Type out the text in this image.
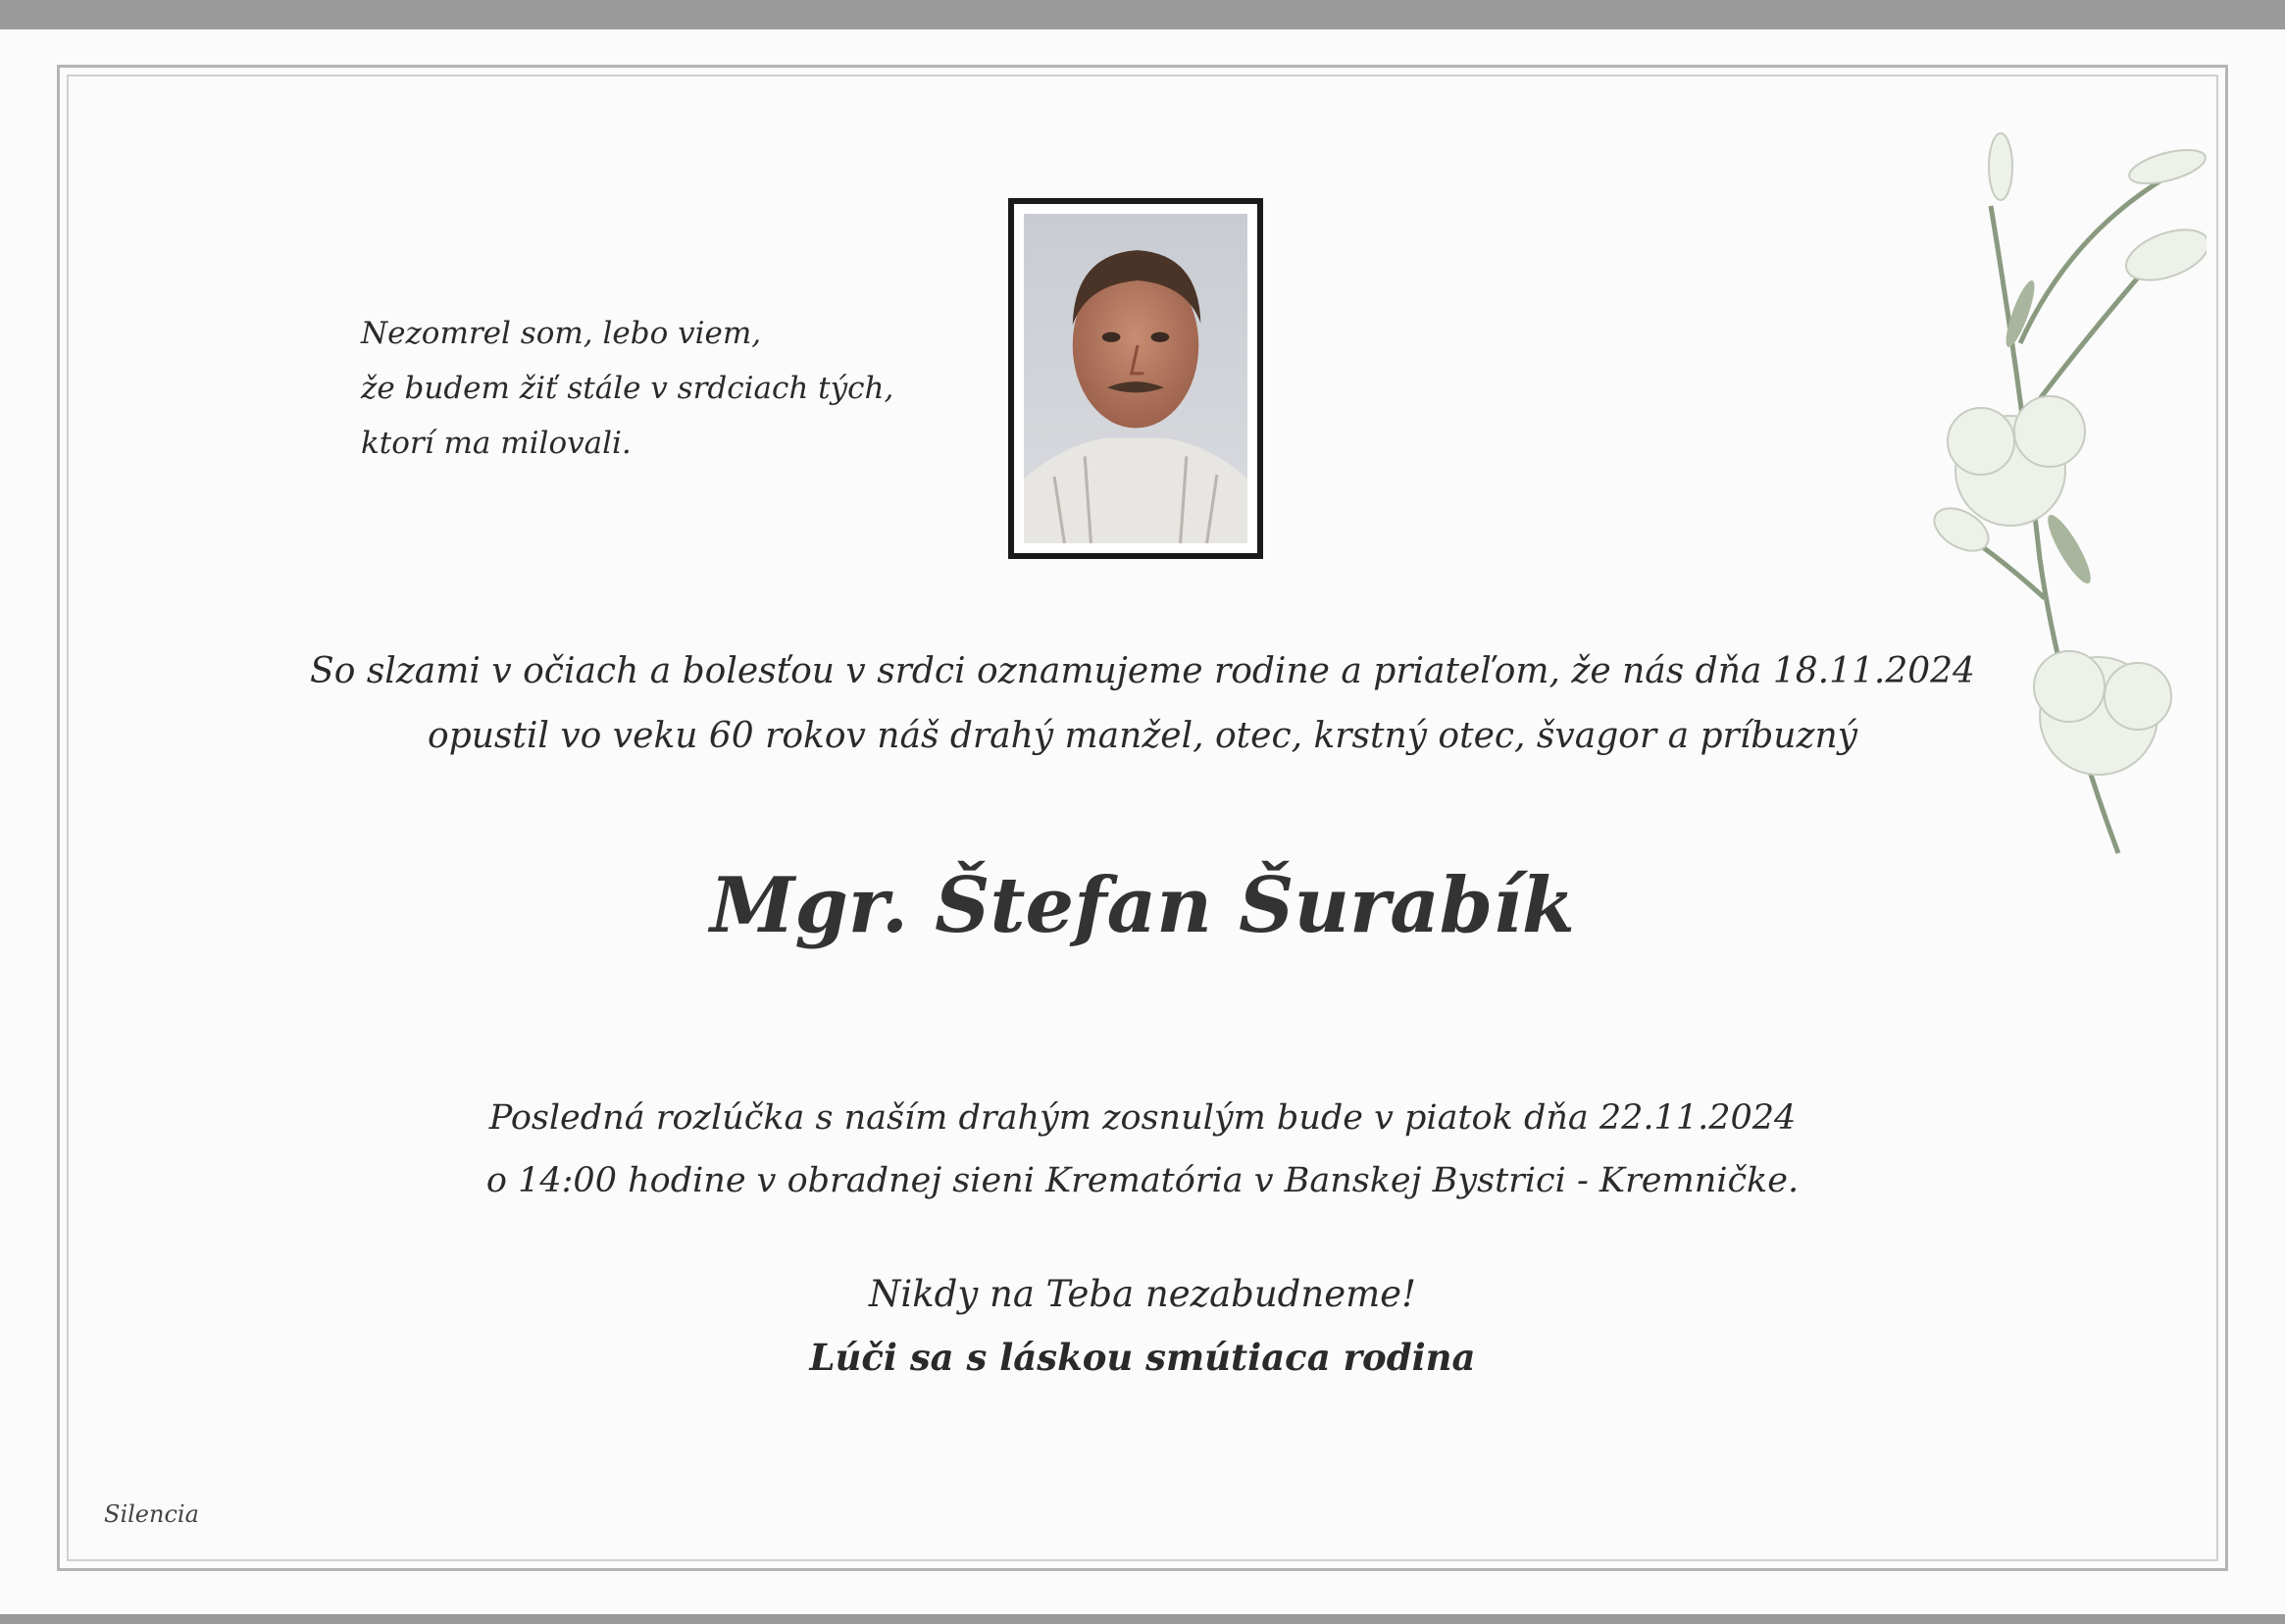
Nezomrel som, lebo viem,
že budem žiť stále v srdciach tých,
ktorí ma milovali.
So slzami v očiach a bolesťou v srdci oznamujeme rodine a priateľom, že nás dňa 18.11.2024
opustil vo veku 60 rokov náš drahý manžel, otec, krstný otec, švagor a príbuzný
Mgr. Štefan Šurabík
Posledná rozlúčka s naším drahým zosnulým bude v piatok dňa 22.11.2024
o 14:00 hodine v obradnej sieni Krematória v Banskej Bystrici - Kremničke.
Nikdy na Teba nezabudneme!
Lúči sa s láskou smútiaca rodina
Silencia
